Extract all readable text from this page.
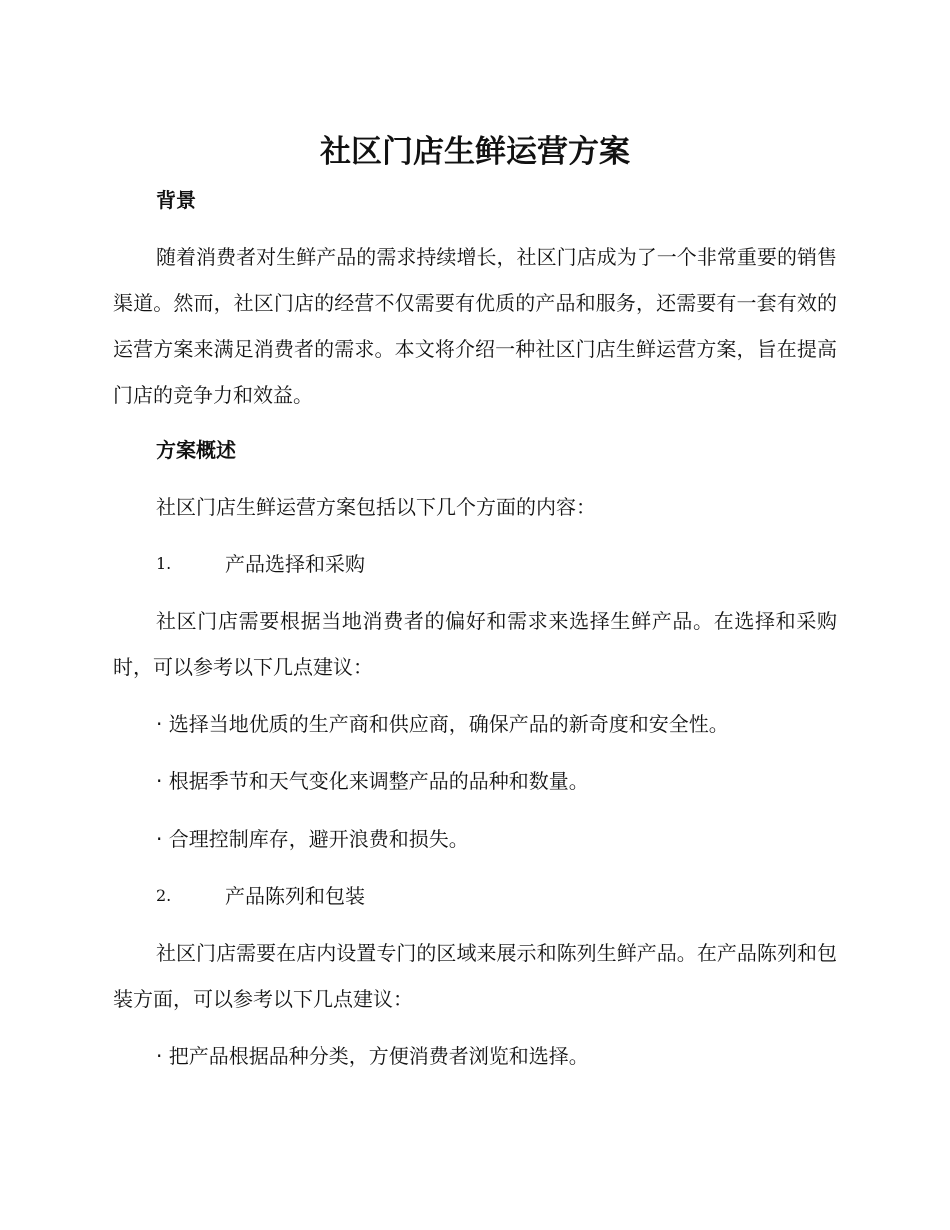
社区门店生鲜运营方案
背景

随着消费者对生鲜产品的需求持续增长，社区门店成为了一个非常重要的销售渠道。然而，社区门店的经营不仅需要有优质的产品和服务，还需要有一套有效的运营方案来满足消费者的需求。本文将介绍一种社区门店生鲜运营方案，旨在提高门店的竞争力和效益。

方案概述

社区门店生鲜运营方案包括以下几个方面的内容：

1.	产品选择和采购

社区门店需要根据当地消费者的偏好和需求来选择生鲜产品。在选择和采购时，可以参考以下几点建议：

· 选择当地优质的生产商和供应商，确保产品的新奇度和安全性。

· 根据季节和天气变化来调整产品的品种和数量。

· 合理控制库存，避开浪费和损失。

2.	产品陈列和包装

社区门店需要在店内设置专门的区域来展示和陈列生鲜产品。在产品陈列和包装方面，可以参考以下几点建议：

· 把产品根据品种分类，方便消费者浏览和选择。
